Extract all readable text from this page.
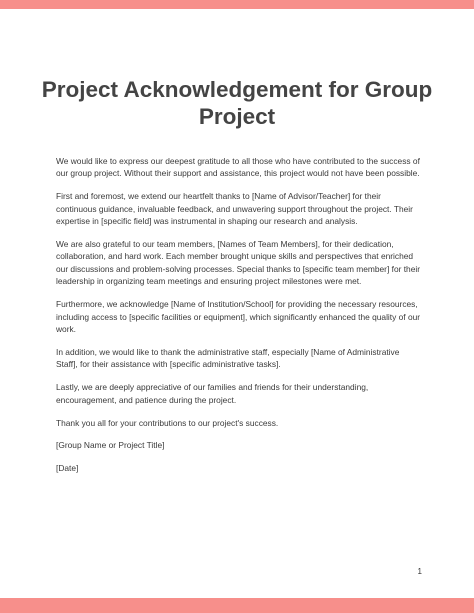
Project Acknowledgement for Group Project

We would like to express our deepest gratitude to all those who have contributed to the success of our group project. Without their support and assistance, this project would not have been possible.

First and foremost, we extend our heartfelt thanks to [Name of Advisor/Teacher] for their continuous guidance, invaluable feedback, and unwavering support throughout the project. Their expertise in [specific field] was instrumental in shaping our research and analysis.

We are also grateful to our team members, [Names of Team Members], for their dedication, collaboration, and hard work. Each member brought unique skills and perspectives that enriched our discussions and problem-solving processes. Special thanks to [specific team member] for their leadership in organizing team meetings and ensuring project milestones were met.

Furthermore, we acknowledge [Name of Institution/School] for providing the necessary resources, including access to [specific facilities or equipment], which significantly enhanced the quality of our work.

In addition, we would like to thank the administrative staff, especially [Name of Administrative Staff], for their assistance with [specific administrative tasks].

Lastly, we are deeply appreciative of our families and friends for their understanding, encouragement, and patience during the project.

Thank you all for your contributions to our project's success.

[Group Name or Project Title]

[Date]

1
